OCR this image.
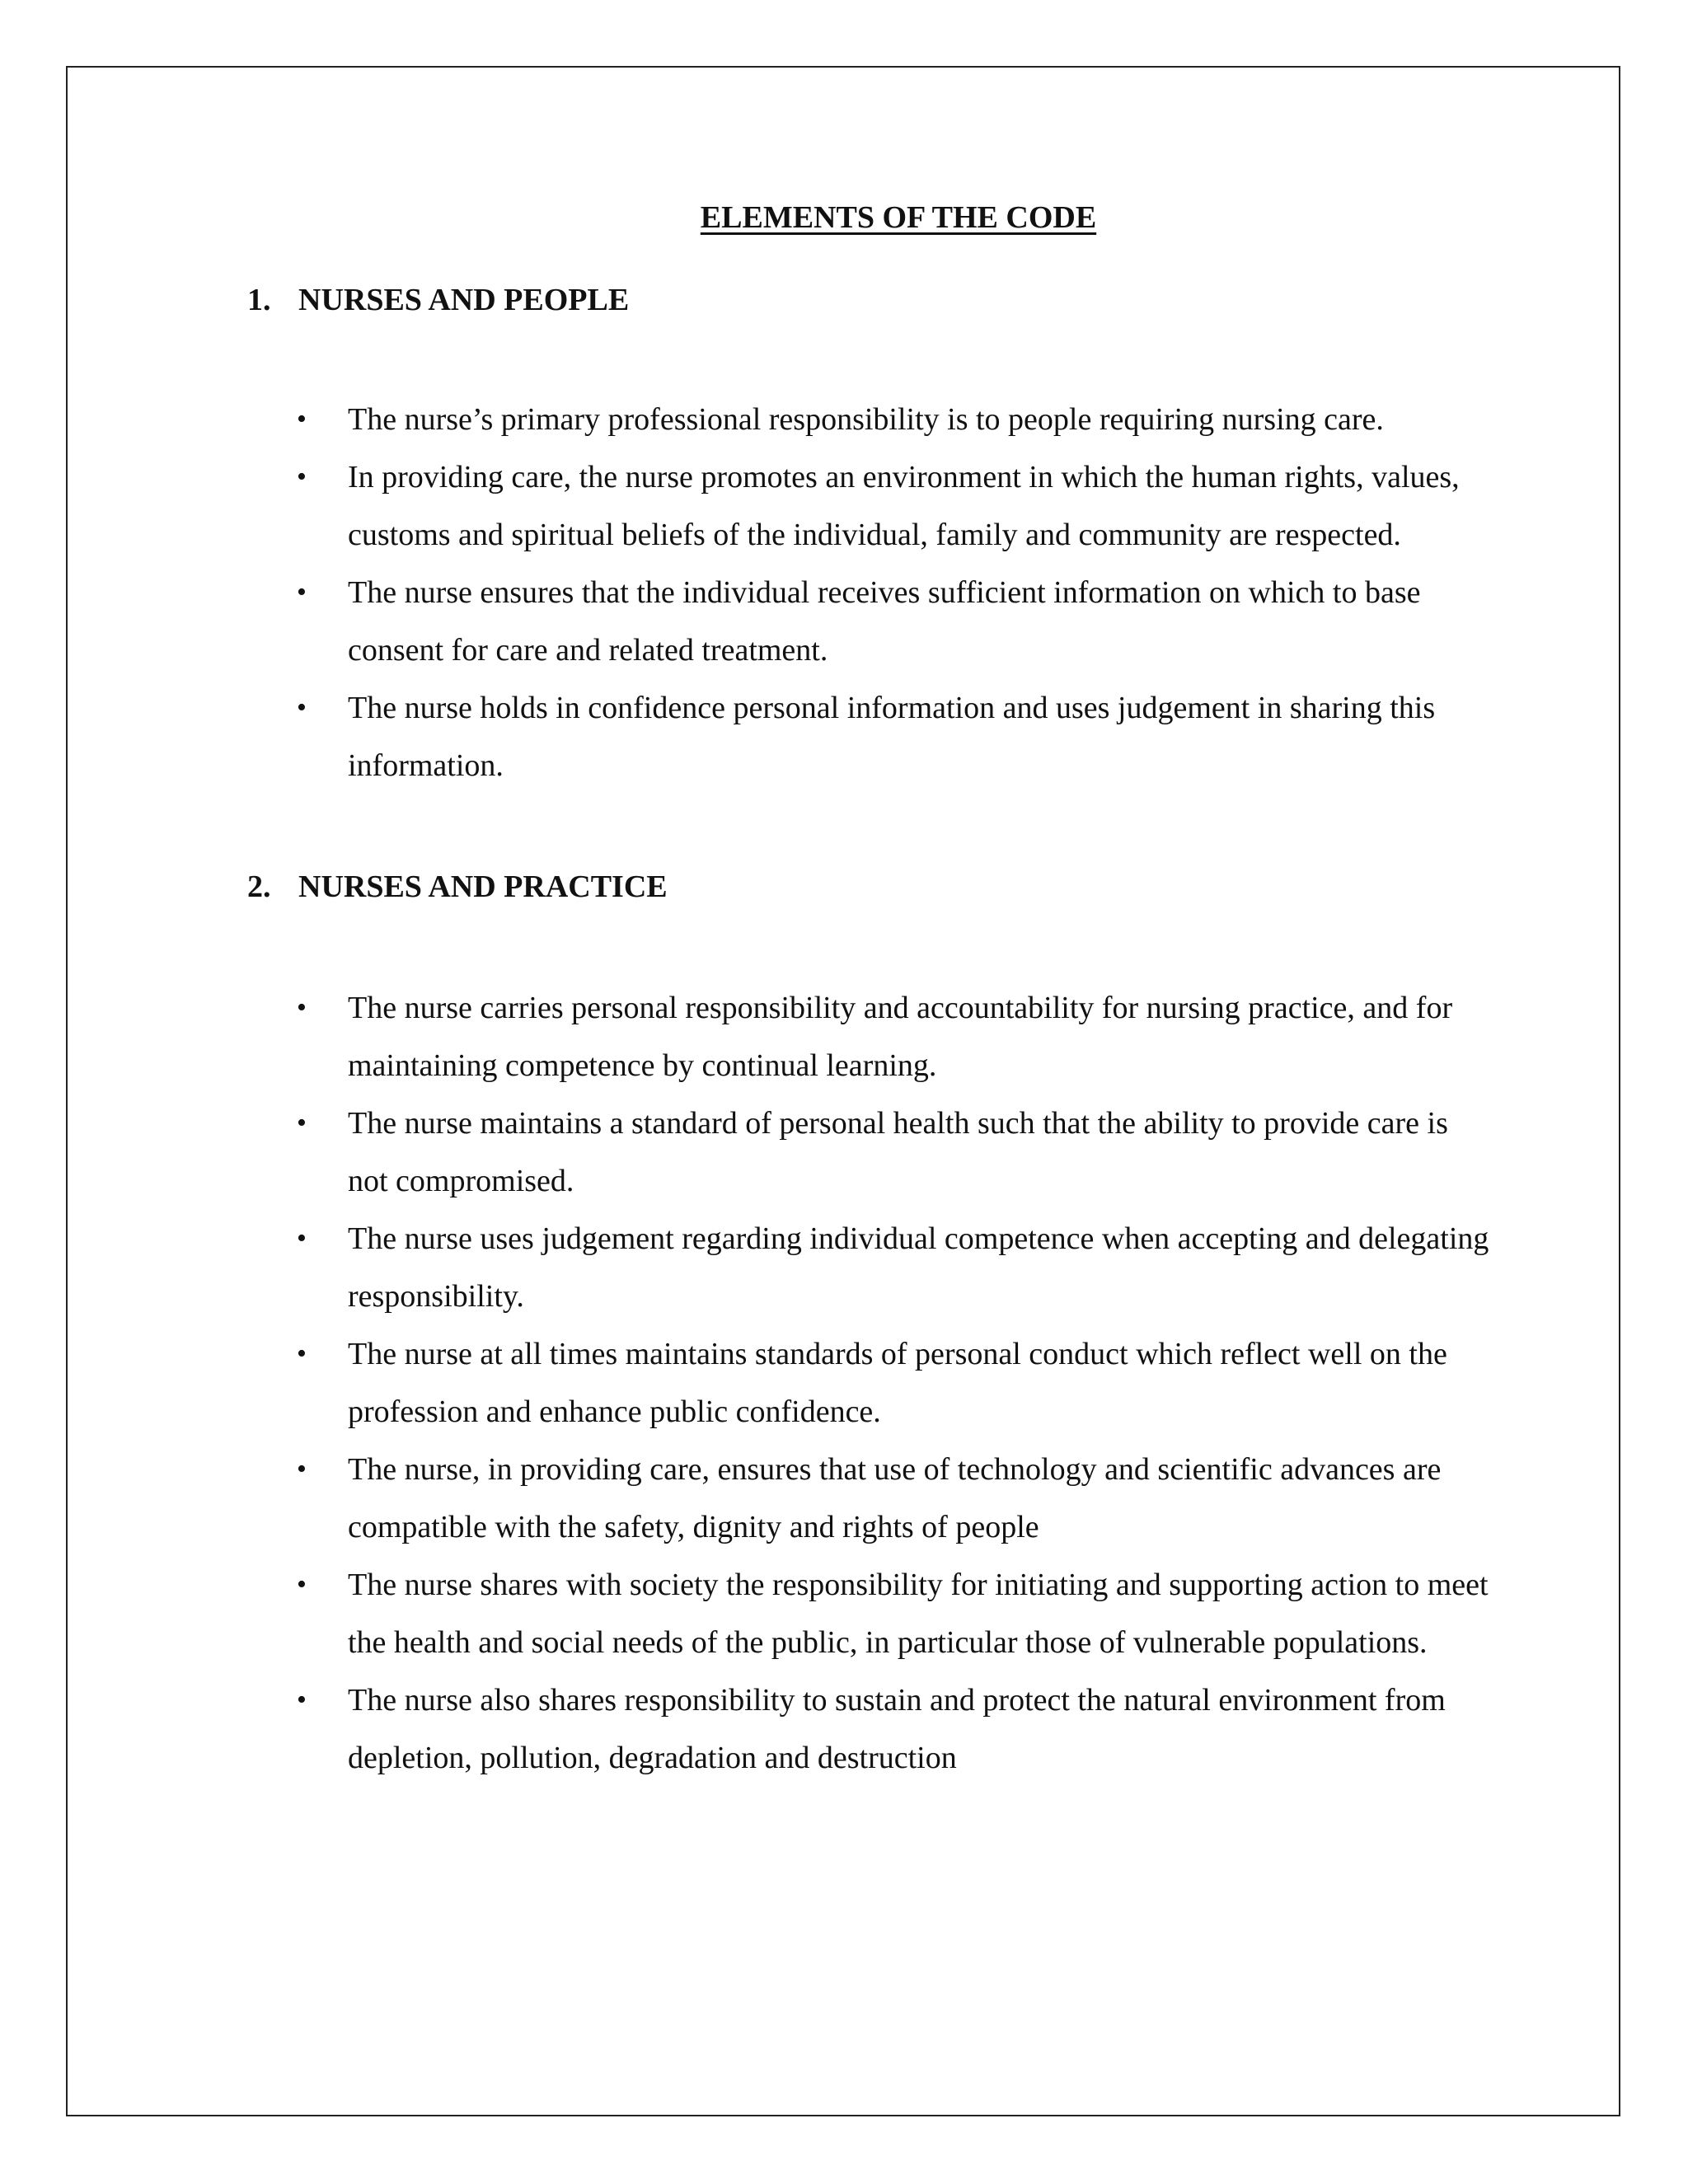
ELEMENTS OF THE CODE
1. NURSES AND PEOPLE
•	The nurse’s primary professional responsibility is to people requiring nursing care.
•	In providing care, the nurse promotes an environment in which the human rights, values, customs and spiritual beliefs of the individual, family and community are respected.
•	The nurse ensures that the individual receives sufficient information on which to base consent for care and related treatment.
•	The nurse holds in confidence personal information and uses judgement in sharing this information.
2. NURSES AND PRACTICE
•	The nurse carries personal responsibility and accountability for nursing practice, and for maintaining competence by continual learning.
•	The nurse maintains a standard of personal health such that the ability to provide care is not compromised.
•	The nurse uses judgement regarding individual competence when accepting and delegating responsibility.
•	The nurse at all times maintains standards of personal conduct which reflect well on the profession and enhance public confidence.
•	The nurse, in providing care, ensures that use of technology and scientific advances are compatible with the safety, dignity and rights of people
•	The nurse shares with society the responsibility for initiating and supporting action to meet the health and social needs of the public, in particular those of vulnerable populations.
•	The nurse also shares responsibility to sustain and protect the natural environment from depletion, pollution, degradation and destruction
